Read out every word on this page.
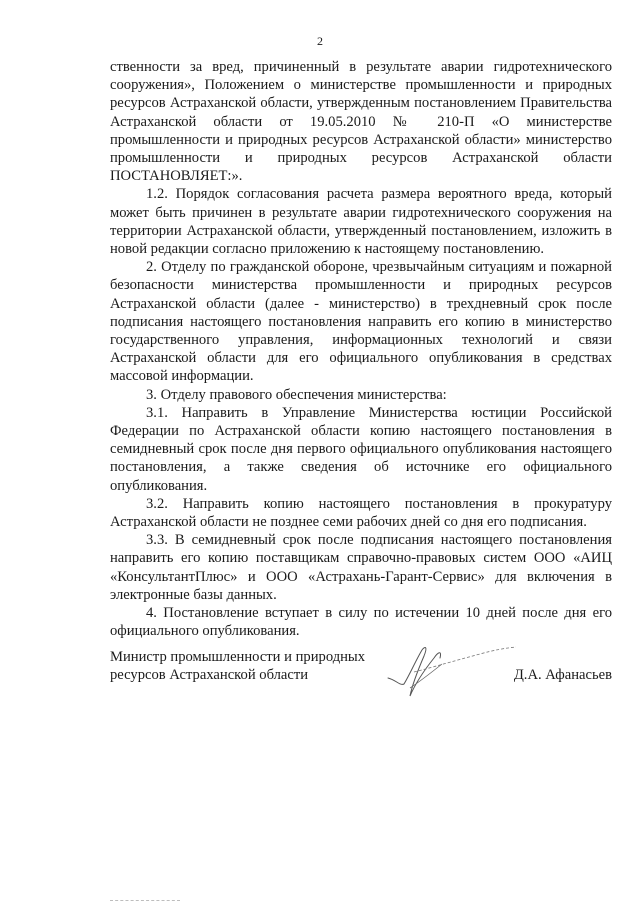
2

ственности за вред, причиненный в результате аварии гидротехнического сооружения», Положением о министерстве промышленности и природных ресурсов Астраханской области, утвержденным постановлением Правительства Астраханской области от 19.05.2010 № 210-П «О министерстве промышленности и природных ресурсов Астраханской области» министерство промышленности и природных ресурсов Астраханской области ПОСТАНОВЛЯЕТ:».

1.2. Порядок согласования расчета размера вероятного вреда, который может быть причинен в результате аварии гидротехнического сооружения на территории Астраханской области, утвержденный постановлением, изложить в новой редакции согласно приложению к настоящему постановлению.

2. Отделу по гражданской обороне, чрезвычайным ситуациям и пожарной безопасности министерства промышленности и природных ресурсов Астраханской области (далее - министерство) в трехдневный срок после подписания настоящего постановления направить его копию в министерство государственного управления, информационных технологий и связи Астраханской области для его официального опубликования в средствах массовой информации.

3. Отделу правового обеспечения министерства:

3.1. Направить в Управление Министерства юстиции Российской Федерации по Астраханской области копию настоящего постановления в семидневный срок после дня первого официального опубликования настоящего постановления, а также сведения об источнике его официального опубликования.

3.2. Направить копию настоящего постановления в прокуратуру Астраханской области не позднее семи рабочих дней со дня его подписания.

3.3. В семидневный срок после подписания настоящего постановления направить его копию поставщикам справочно-правовых систем ООО «АИЦ «КонсультантПлюс» и ООО «Астрахань-Гарант-Сервис» для включения в электронные базы данных.

4. Постановление вступает в силу по истечении 10 дней после дня его официального опубликования.

Министр промышленности и природных
ресурсов Астраханской области	Д.А. Афанасьев
